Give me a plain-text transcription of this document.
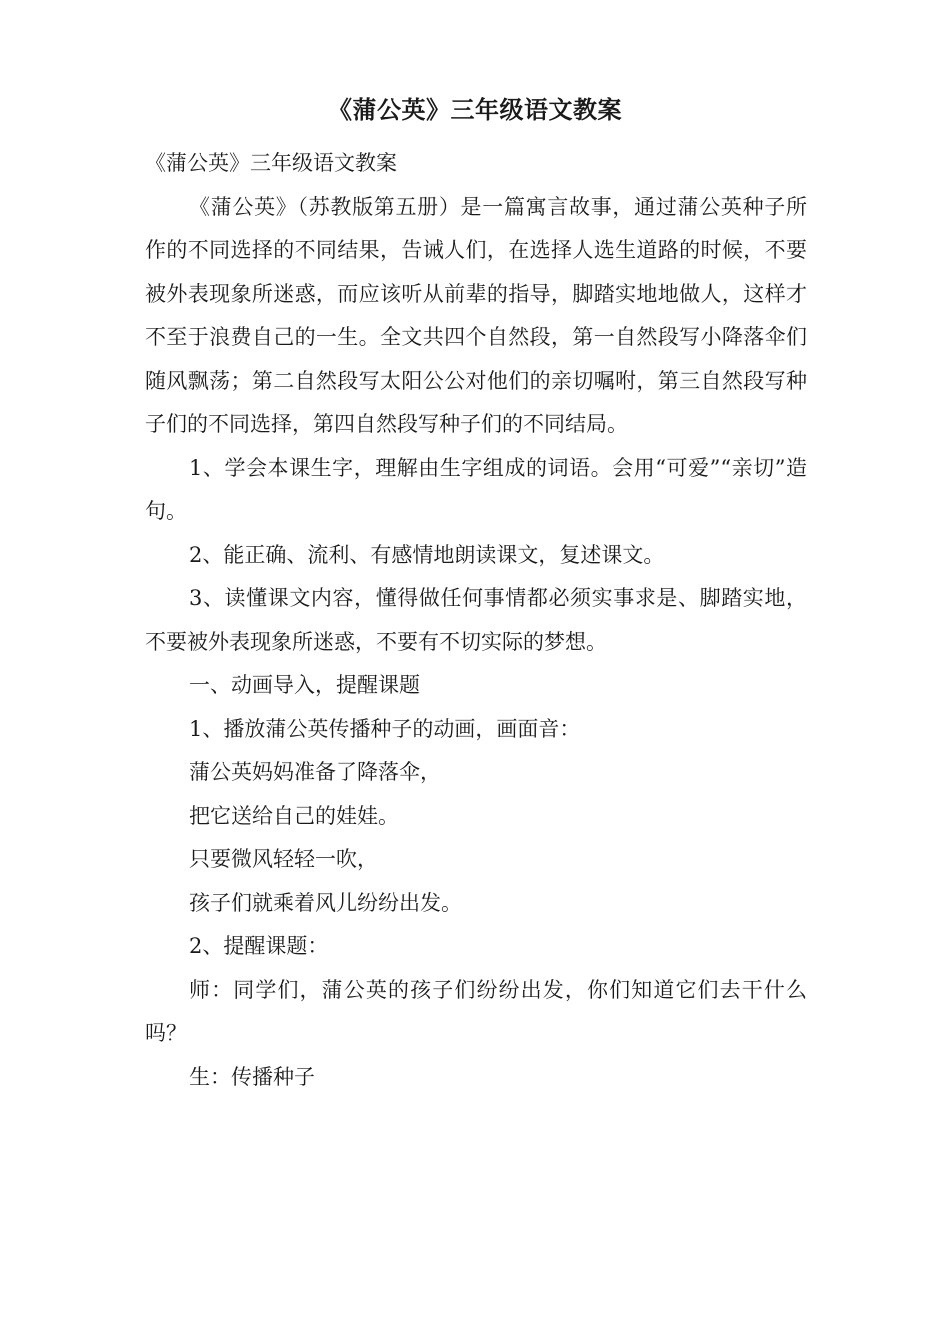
《蒲公英》三年级语文教案

《蒲公英》三年级语文教案

《蒲公英》（苏教版第五册）是一篇寓言故事，通过蒲公英种子所作的不同选择的不同结果，告诫人们，在选择人选生道路的时候，不要被外表现象所迷惑，而应该听从前辈的指导，脚踏实地地做人，这样才不至于浪费自己的一生。全文共四个自然段，第一自然段写小降落伞们随风飘荡；第二自然段写太阳公公对他们的亲切嘱咐，第三自然段写种子们的不同选择，第四自然段写种子们的不同结局。

1、学会本课生字，理解由生字组成的词语。会用“可爱”“亲切”造句。

2、能正确、流利、有感情地朗读课文，复述课文。

3、读懂课文内容，懂得做任何事情都必须实事求是、脚踏实地，不要被外表现象所迷惑，不要有不切实际的梦想。

一、动画导入，提醒课题

1、播放蒲公英传播种子的动画，画面音：

蒲公英妈妈准备了降落伞，

把它送给自己的娃娃。

只要微风轻轻一吹，

孩子们就乘着风儿纷纷出发。

2、提醒课题：

师：同学们，蒲公英的孩子们纷纷出发，你们知道它们去干什么吗？

生：传播种子
